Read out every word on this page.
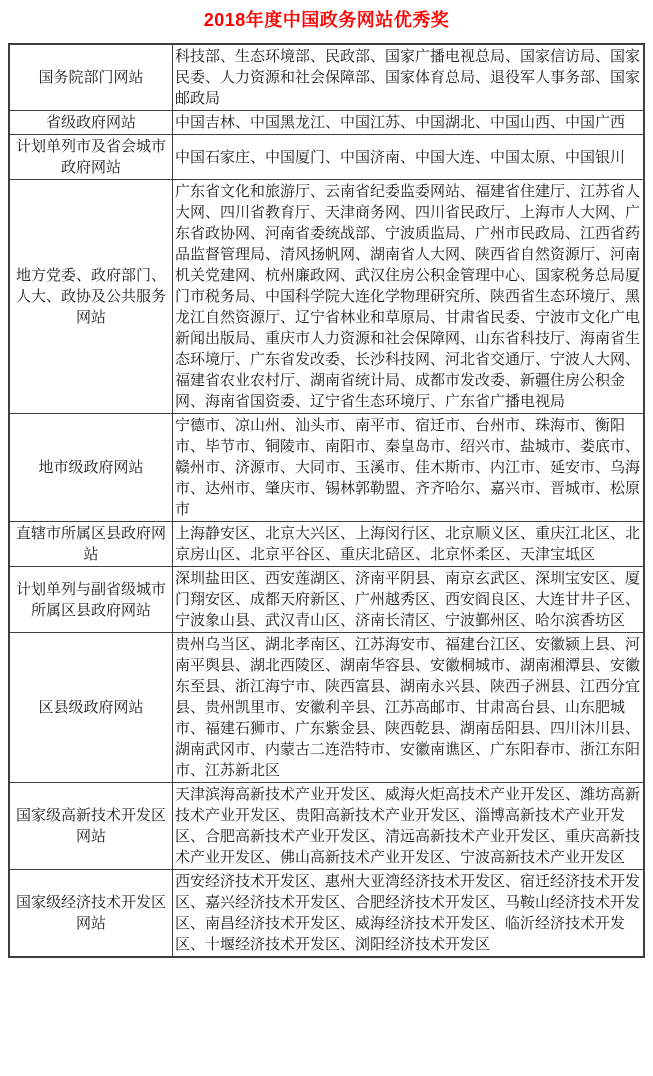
2018年度中国政务网站优秀奖
国务院部门网站	科技部、生态环境部、民政部、国家广播电视总局、国家信访局、国家民委、人力资源和社会保障部、国家体育总局、退役军人事务部、国家邮政局
省级政府网站	中国吉林、中国黑龙江、中国江苏、中国湖北、中国山西、中国广西
计划单列市及省会城市政府网站	中国石家庄、中国厦门、中国济南、中国大连、中国太原、中国银川
地方党委、政府部门、人大、政协及公共服务网站	广东省文化和旅游厅、云南省纪委监委网站、福建省住建厅、江苏省人大网、四川省教育厅、天津商务网、四川省民政厅、上海市人大网、广东省政协网、河南省委统战部、宁波质监局、广州市民政局、江西省药品监督管理局、清风扬帆网、湖南省人大网、陕西省自然资源厅、河南机关党建网、杭州廉政网、武汉住房公积金管理中心、国家税务总局厦门市税务局、中国科学院大连化学物理研究所、陕西省生态环境厅、黑龙江自然资源厅、辽宁省林业和草原局、甘肃省民委、宁波市文化广电新闻出版局、重庆市人力资源和社会保障网、山东省科技厅、海南省生态环境厅、广东省发改委、长沙科技网、河北省交通厅、宁波人大网、福建省农业农村厅、湖南省统计局、成都市发改委、新疆住房公积金网、海南省国资委、辽宁省生态环境厅、广东省广播电视局
地市级政府网站	宁德市、凉山州、汕头市、南平市、宿迁市、台州市、珠海市、衡阳市、毕节市、铜陵市、南阳市、秦皇岛市、绍兴市、盐城市、娄底市、赣州市、济源市、大同市、玉溪市、佳木斯市、内江市、延安市、乌海市、达州市、肇庆市、锡林郭勒盟、齐齐哈尔、嘉兴市、晋城市、松原市
直辖市所属区县政府网站	上海静安区、北京大兴区、上海闵行区、北京顺义区、重庆江北区、北京房山区、北京平谷区、重庆北碚区、北京怀柔区、天津宝坻区
计划单列与副省级城市所属区县政府网站	深圳盐田区、西安莲湖区、济南平阴县、南京玄武区、深圳宝安区、厦门翔安区、成都天府新区、广州越秀区、西安阎良区、大连甘井子区、宁波象山县、武汉青山区、济南长清区、宁波鄞州区、哈尔滨香坊区
区县级政府网站	贵州乌当区、湖北孝南区、江苏海安市、福建台江区、安徽颍上县、河南平舆县、湖北西陵区、湖南华容县、安徽桐城市、湖南湘潭县、安徽东至县、浙江海宁市、陕西富县、湖南永兴县、陕西子洲县、江西分宜县、贵州凯里市、安徽利辛县、江苏高邮市、甘肃高台县、山东肥城市、福建石狮市、广东紫金县、陕西乾县、湖南岳阳县、四川沐川县、湖南武冈市、内蒙古二连浩特市、安徽南谯区、广东阳春市、浙江东阳市、江苏新北区
国家级高新技术开发区网站	天津滨海高新技术产业开发区、威海火炬高技术产业开发区、潍坊高新技术产业开发区、贵阳高新技术产业开发区、淄博高新技术产业开发区、合肥高新技术产业开发区、清远高新技术产业开发区、重庆高新技术产业开发区、佛山高新技术产业开发区、宁波高新技术产业开发区
国家级经济技术开发区网站	西安经济技术开发区、惠州大亚湾经济技术开发区、宿迁经济技术开发区、嘉兴经济技术开发区、合肥经济技术开发区、马鞍山经济技术开发区、南昌经济技术开发区、威海经济技术开发区、临沂经济技术开发区、十堰经济技术开发区、浏阳经济技术开发区
